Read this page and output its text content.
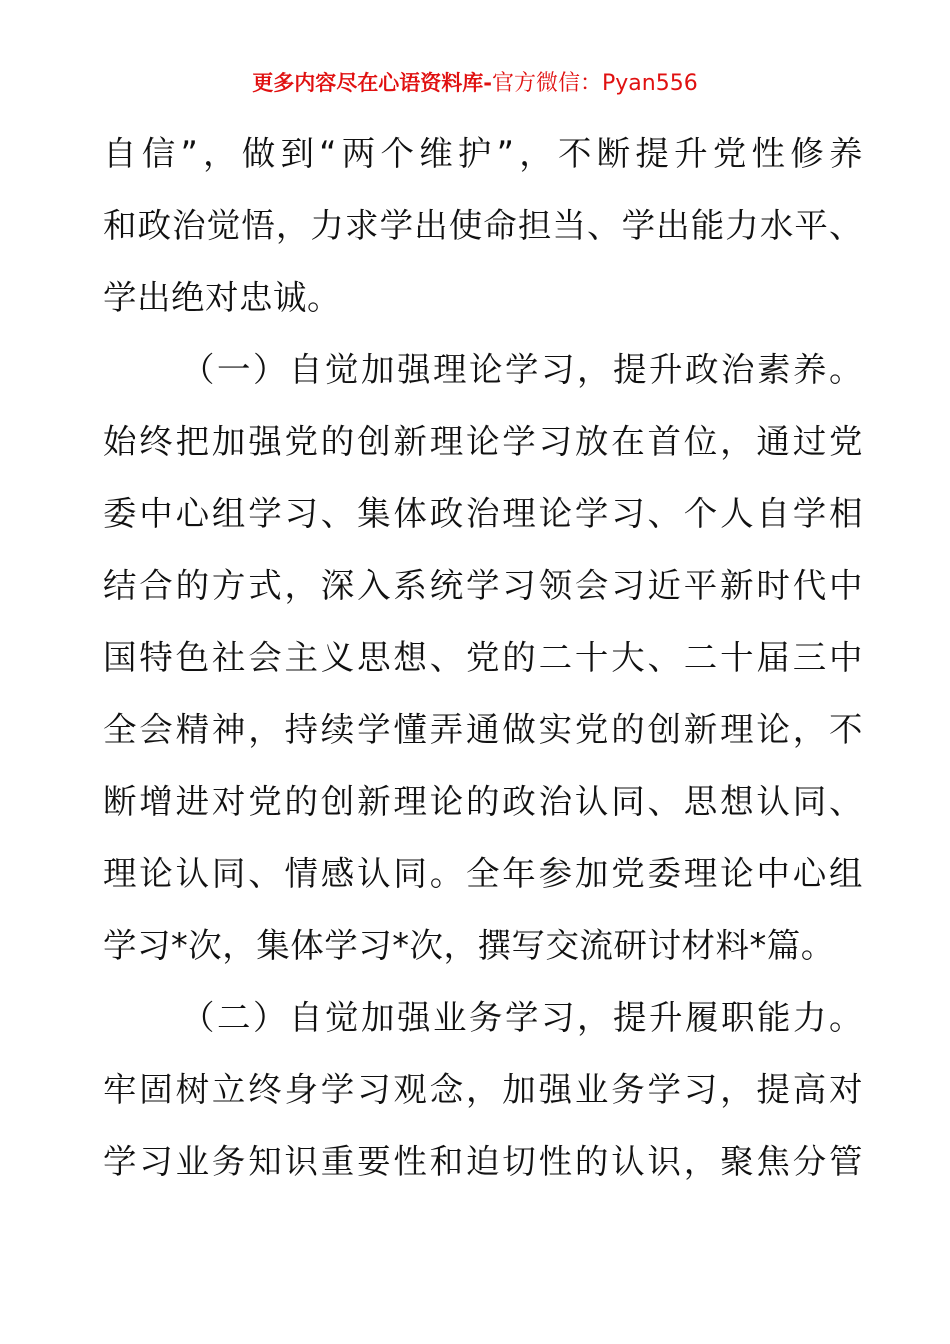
更多内容尽在心语资料库-官方微信：Pyan556
自信”，做到“两个维护”，不断提升党性修养
和政治觉悟，力求学出使命担当、学出能力水平、
学出绝对忠诚。
（一）自觉加强理论学习，提升政治素养。
始终把加强党的创新理论学习放在首位，通过党
委中心组学习、集体政治理论学习、个人自学相
结合的方式，深入系统学习领会习近平新时代中
国特色社会主义思想、党的二十大、二十届三中
全会精神，持续学懂弄通做实党的创新理论，不
断增进对党的创新理论的政治认同、思想认同、
理论认同、情感认同。全年参加党委理论中心组
学习*次，集体学习*次，撰写交流研讨材料*篇。
（二）自觉加强业务学习，提升履职能力。
牢固树立终身学习观念，加强业务学习，提高对
学习业务知识重要性和迫切性的认识，聚焦分管
